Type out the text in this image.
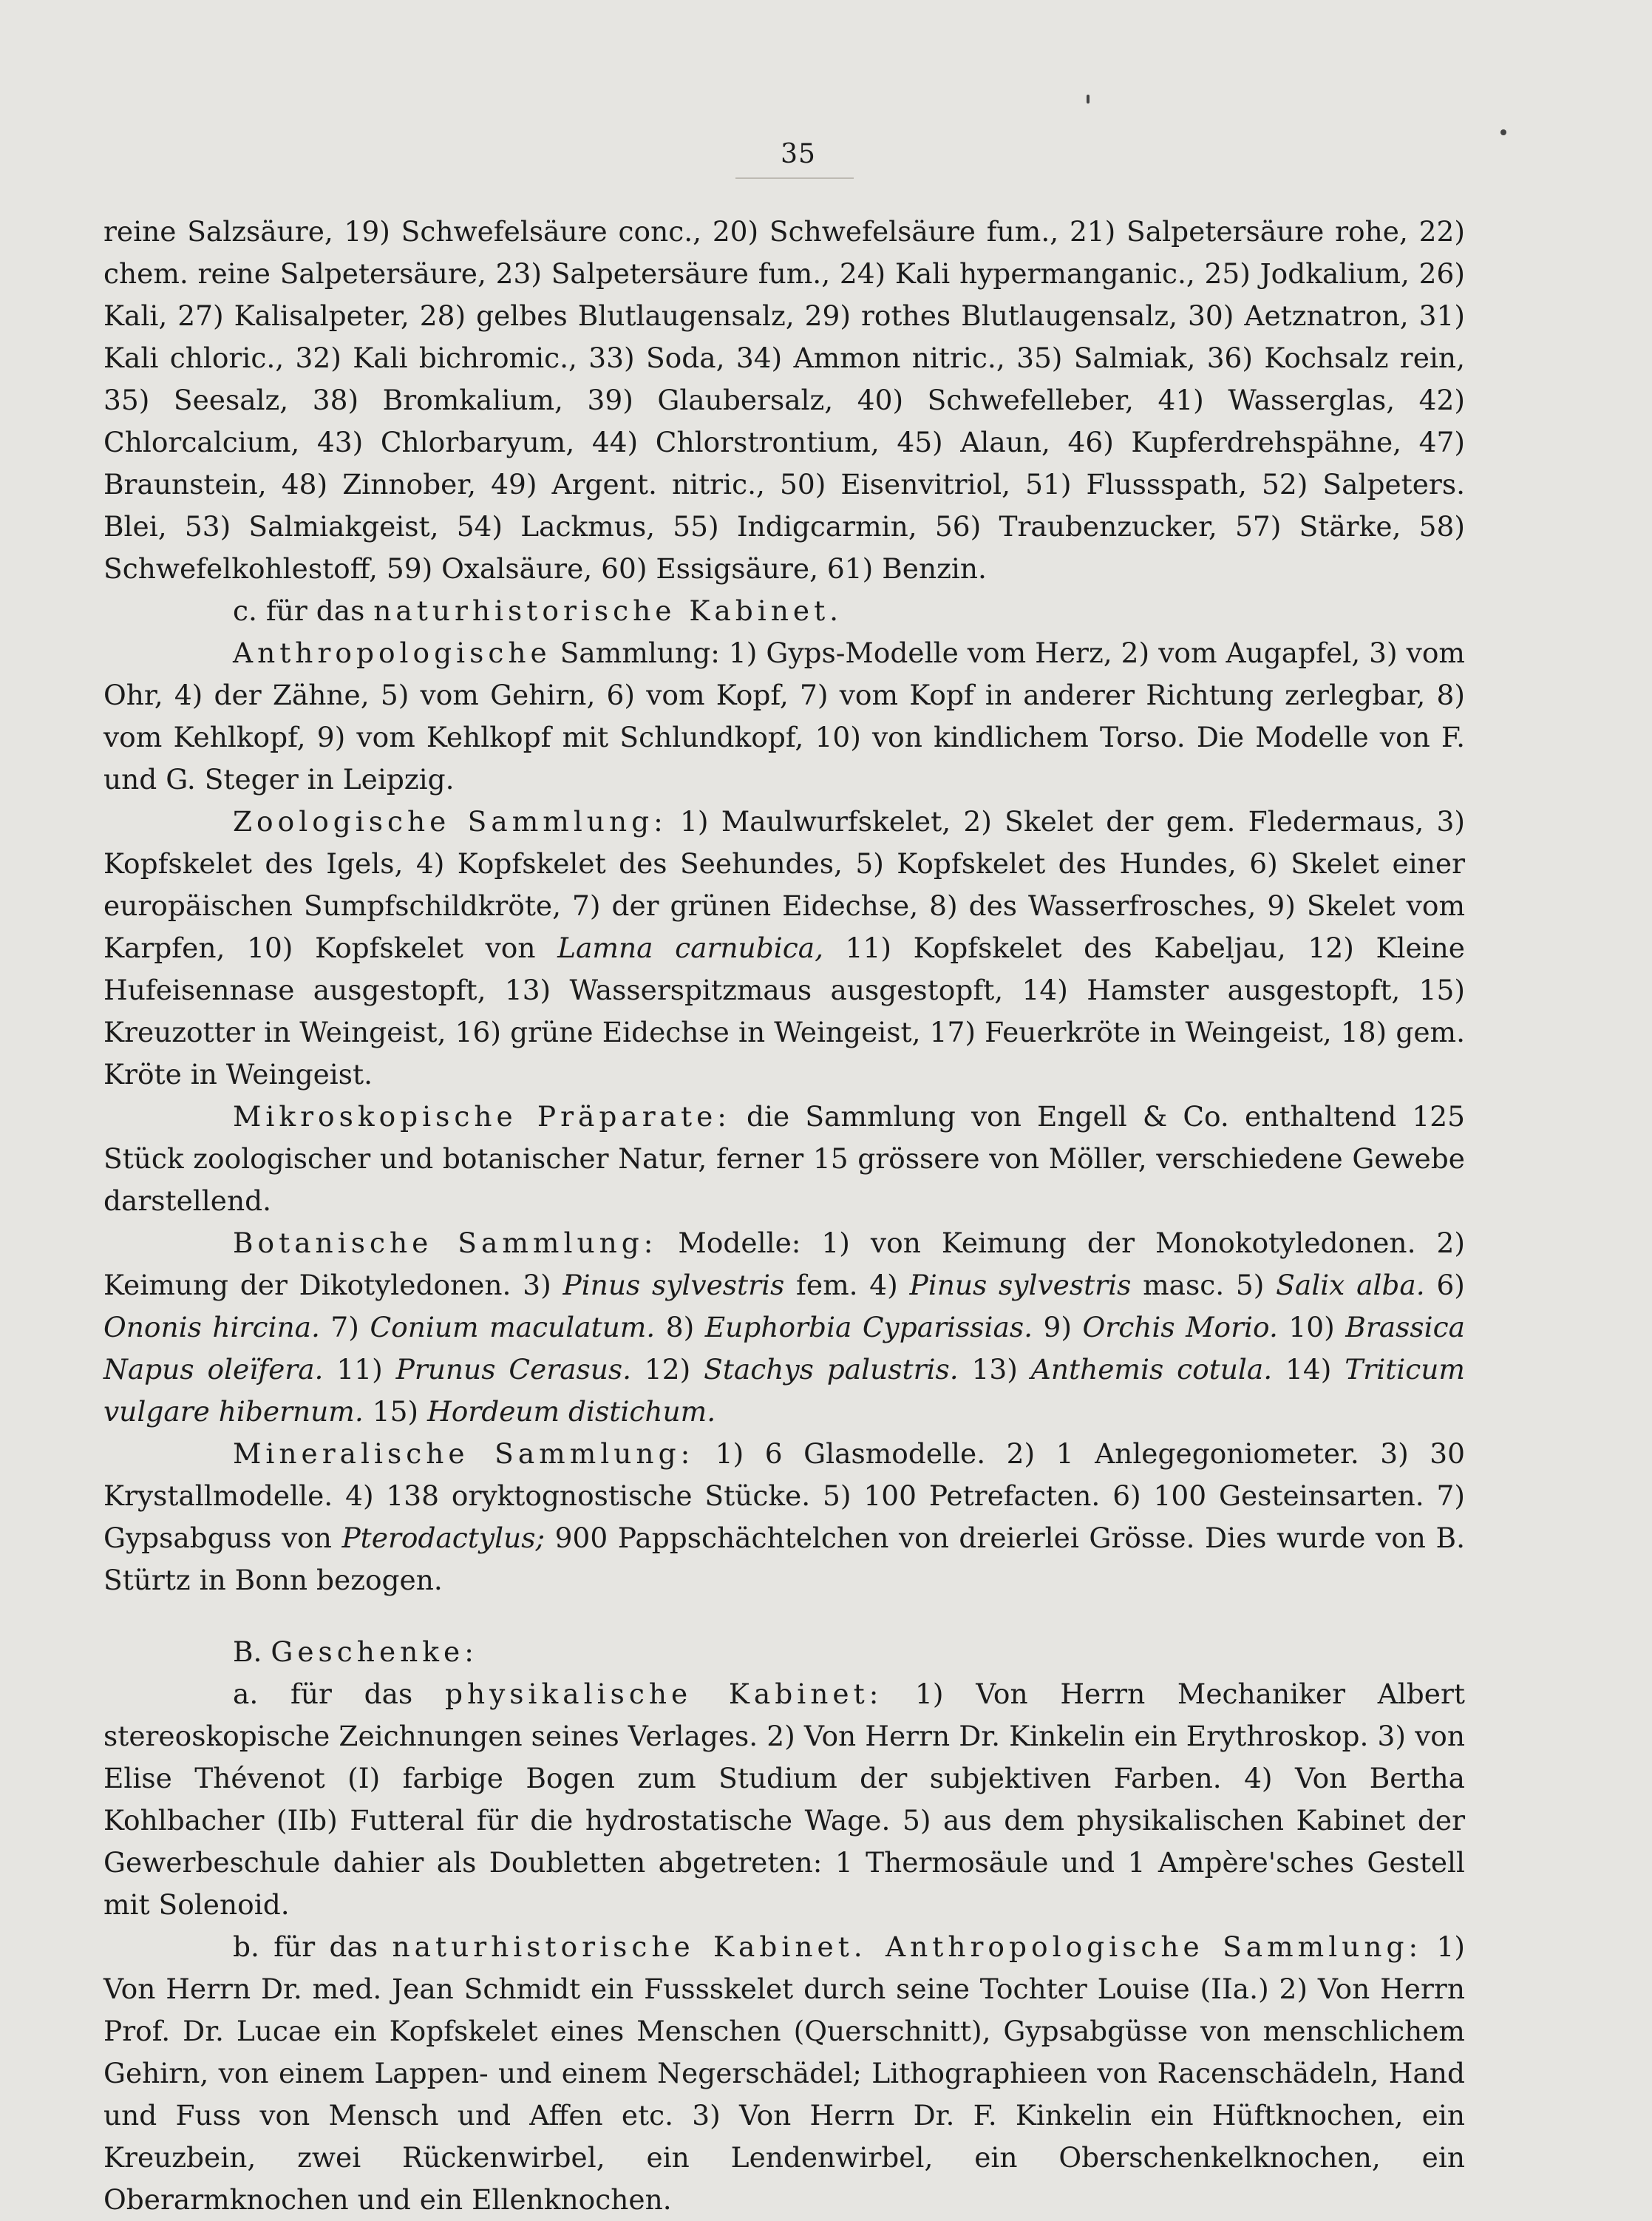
35

reine Salzsäure, 19) Schwefelsäure conc., 20) Schwefelsäure fum., 21) Salpetersäure rohe, 22) chem. reine Salpetersäure, 23) Salpetersäure fum., 24) Kali hypermanganic., 25) Jodkalium, 26) Kali, 27) Kalisalpeter, 28) gelbes Blutlaugensalz, 29) rothes Blutlaugensalz, 30) Aetznatron, 31) Kali chloric., 32) Kali bichromic., 33) Soda, 34) Ammon nitric., 35) Salmiak, 36) Kochsalz rein, 35) Seesalz, 38) Bromkalium, 39) Glaubersalz, 40) Schwefelleber, 41) Wasserglas, 42) Chlorcalcium, 43) Chlorbaryum, 44) Chlorstrontium, 45) Alaun, 46) Kupferdrehspähne, 47) Braunstein, 48) Zinnober, 49) Argent. nitric., 50) Eisenvitriol, 51) Flussspath, 52) Salpeters. Blei, 53) Salmiakgeist, 54) Lackmus, 55) Indigcarmin, 56) Traubenzucker, 57) Stärke, 58) Schwefelkohlestoff, 59) Oxalsäure, 60) Essigsäure, 61) Benzin.

c. für das naturhistorische Kabinet.

Anthropologische Sammlung: 1) Gyps-Modelle vom Herz, 2) vom Augapfel, 3) vom Ohr, 4) der Zähne, 5) vom Gehirn, 6) vom Kopf, 7) vom Kopf in anderer Richtung zerlegbar, 8) vom Kehlkopf, 9) vom Kehlkopf mit Schlundkopf, 10) von kindlichem Torso. Die Modelle von F. und G. Steger in Leipzig.

Zoologische Sammlung: 1) Maulwurfskelet, 2) Skelet der gem. Fledermaus, 3) Kopfskelet des Igels, 4) Kopfskelet des Seehundes, 5) Kopfskelet des Hundes, 6) Skelet einer europäischen Sumpfschildkröte, 7) der grünen Eidechse, 8) des Wasserfrosches, 9) Skelet vom Karpfen, 10) Kopfskelet von Lamna carnubica, 11) Kopfskelet des Kabeljau, 12) Kleine Hufeisennase ausgestopft, 13) Wasserspitzmaus ausgestopft, 14) Hamster ausgestopft, 15) Kreuzotter in Weingeist, 16) grüne Eidechse in Weingeist, 17) Feuerkröte in Weingeist, 18) gem. Kröte in Weingeist.

Mikroskopische Präparate: die Sammlung von Engell & Co. enthaltend 125 Stück zoologischer und botanischer Natur, ferner 15 grössere von Möller, verschiedene Gewebe darstellend.

Botanische Sammlung: Modelle: 1) von Keimung der Monokotyledonen. 2) Keimung der Dikotyledonen. 3) Pinus sylvestris fem. 4) Pinus sylvestris masc. 5) Salix alba. 6) Ononis hircina. 7) Conium maculatum. 8) Euphorbia Cyparissias. 9) Orchis Morio. 10) Brassica Napus oleïfera. 11) Prunus Cerasus. 12) Stachys palustris. 13) Anthemis cotula. 14) Triticum vulgare hibernum. 15) Hordeum distichum.

Mineralische Sammlung: 1) 6 Glasmodelle. 2) 1 Anlegegoniometer. 3) 30 Krystallmodelle. 4) 138 oryktognostische Stücke. 5) 100 Petrefacten. 6) 100 Gesteinsarten. 7) Gypsabguss von Pterodactylus; 900 Pappschächtelchen von dreierlei Grösse. Dies wurde von B. Stürtz in Bonn bezogen.

B. Geschenke:

a. für das physikalische Kabinet: 1) Von Herrn Mechaniker Albert stereoskopische Zeichnungen seines Verlages. 2) Von Herrn Dr. Kinkelin ein Erythroskop. 3) von Elise Thévenot (I) farbige Bogen zum Studium der subjektiven Farben. 4) Von Bertha Kohlbacher (IIb) Futteral für die hydrostatische Wage. 5) aus dem physikalischen Kabinet der Gewerbeschule dahier als Doubletten abgetreten: 1 Thermosäule und 1 Ampère'sches Gestell mit Solenoid.

b. für das naturhistorische Kabinet. Anthropologische Sammlung: 1) Von Herrn Dr. med. Jean Schmidt ein Fussskelet durch seine Tochter Louise (IIa.) 2) Von Herrn Prof. Dr. Lucae ein Kopfskelet eines Menschen (Querschnitt), Gypsabgüsse von menschlichem Gehirn, von einem Lappen- und einem Negerschädel; Lithographieen von Racenschädeln, Hand und Fuss von Mensch und Affen etc. 3) Von Herrn Dr. F. Kinkelin ein Hüftknochen, ein Kreuzbein, zwei Rückenwirbel, ein Lendenwirbel, ein Oberschenkelknochen, ein Oberarmknochen und ein Ellenknochen.
